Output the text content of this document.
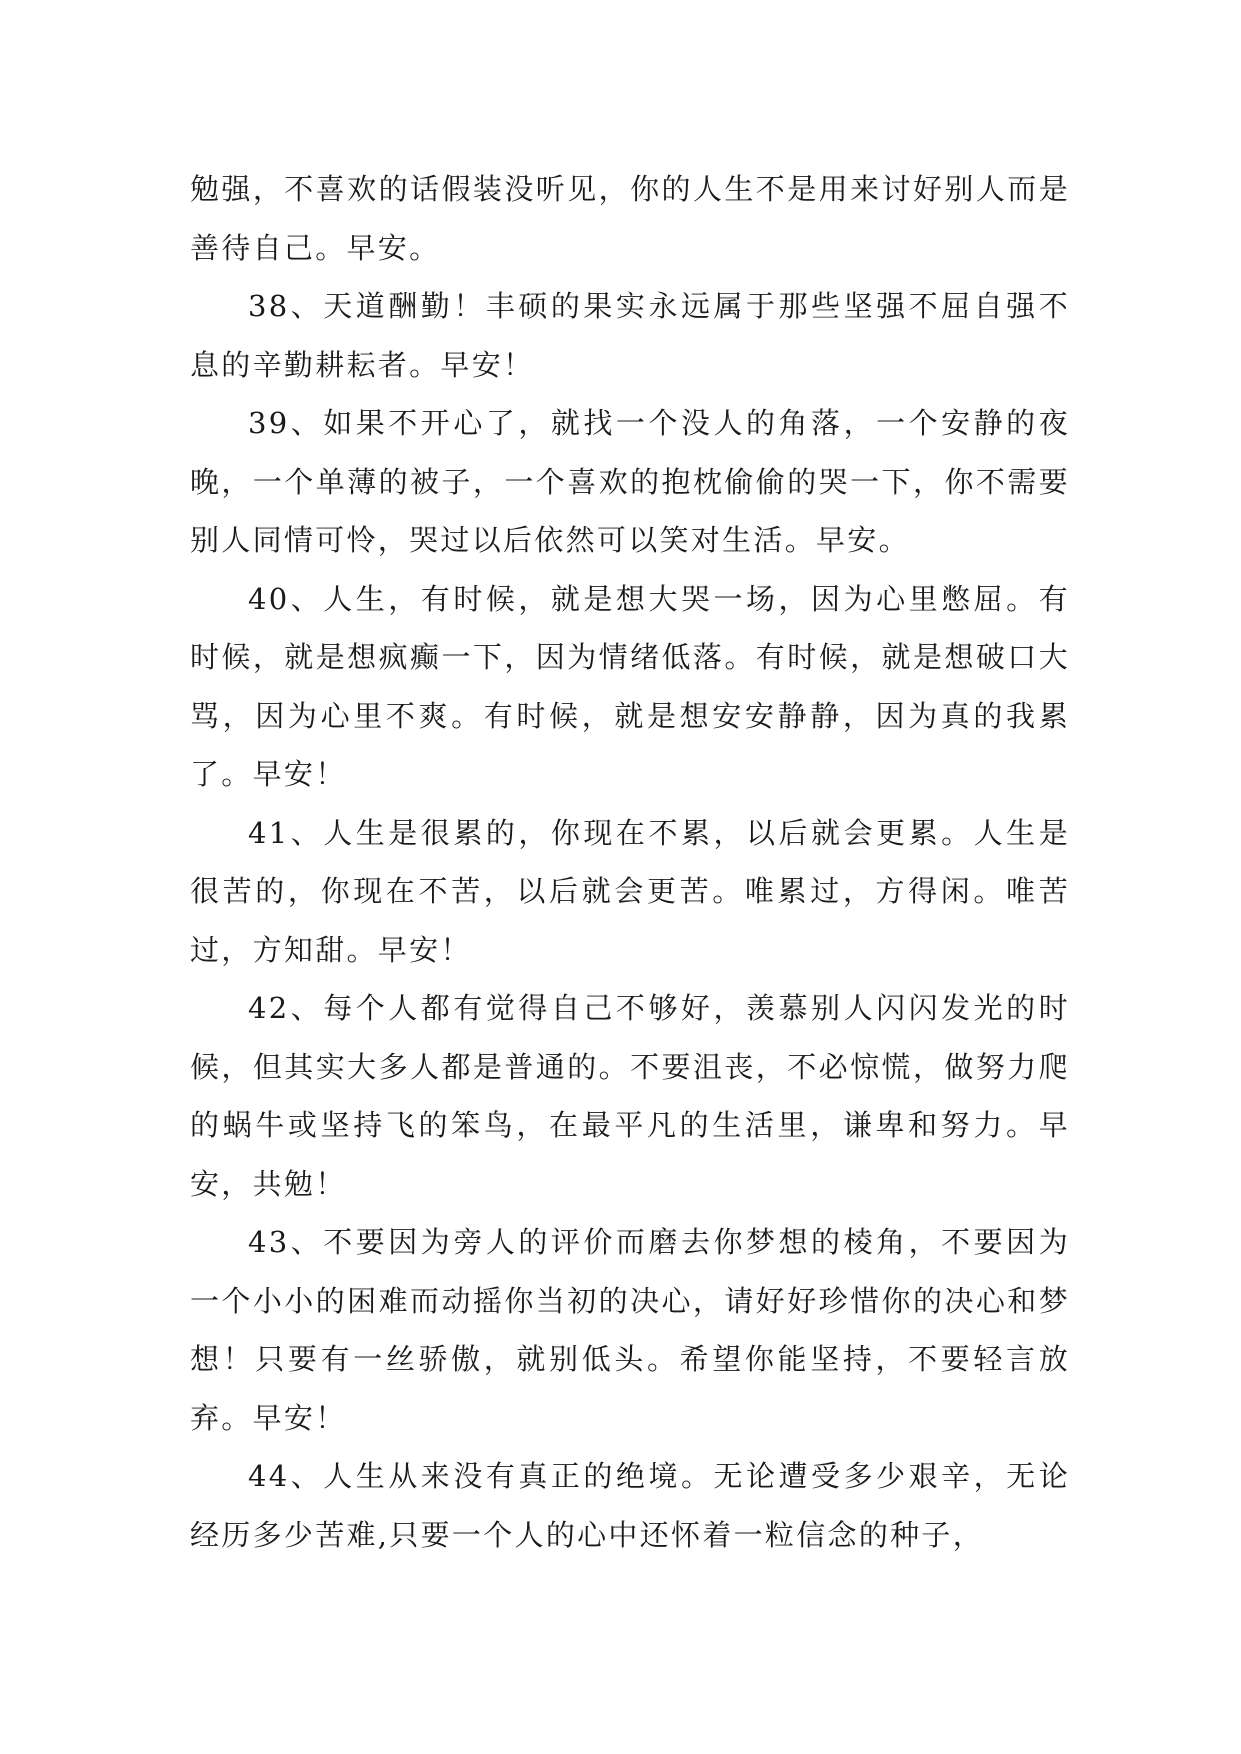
勉强，不喜欢的话假装没听见，你的人生不是用来讨好别人而是善待自己。早安。

38、天道酬勤！丰硕的果实永远属于那些坚强不屈自强不息的辛勤耕耘者。早安！

39、如果不开心了，就找一个没人的角落，一个安静的夜晚，一个单薄的被子，一个喜欢的抱枕偷偷的哭一下，你不需要别人同情可怜，哭过以后依然可以笑对生活。早安。

40、人生，有时候，就是想大哭一场，因为心里憋屈。有时候，就是想疯癫一下，因为情绪低落。有时候，就是想破口大骂，因为心里不爽。有时候，就是想安安静静，因为真的我累了。早安！

41、人生是很累的，你现在不累，以后就会更累。人生是很苦的，你现在不苦，以后就会更苦。唯累过，方得闲。唯苦过，方知甜。早安！

42、每个人都有觉得自己不够好，羡慕别人闪闪发光的时候，但其实大多人都是普通的。不要沮丧，不必惊慌，做努力爬的蜗牛或坚持飞的笨鸟，在最平凡的生活里，谦卑和努力。早安，共勉！

43、不要因为旁人的评价而磨去你梦想的棱角，不要因为一个小小的困难而动摇你当初的决心，请好好珍惜你的决心和梦想！只要有一丝骄傲，就别低头。希望你能坚持，不要轻言放弃。早安！

44、人生从来没有真正的绝境。无论遭受多少艰辛，无论经历多少苦难,只要一个人的心中还怀着一粒信念的种子，
